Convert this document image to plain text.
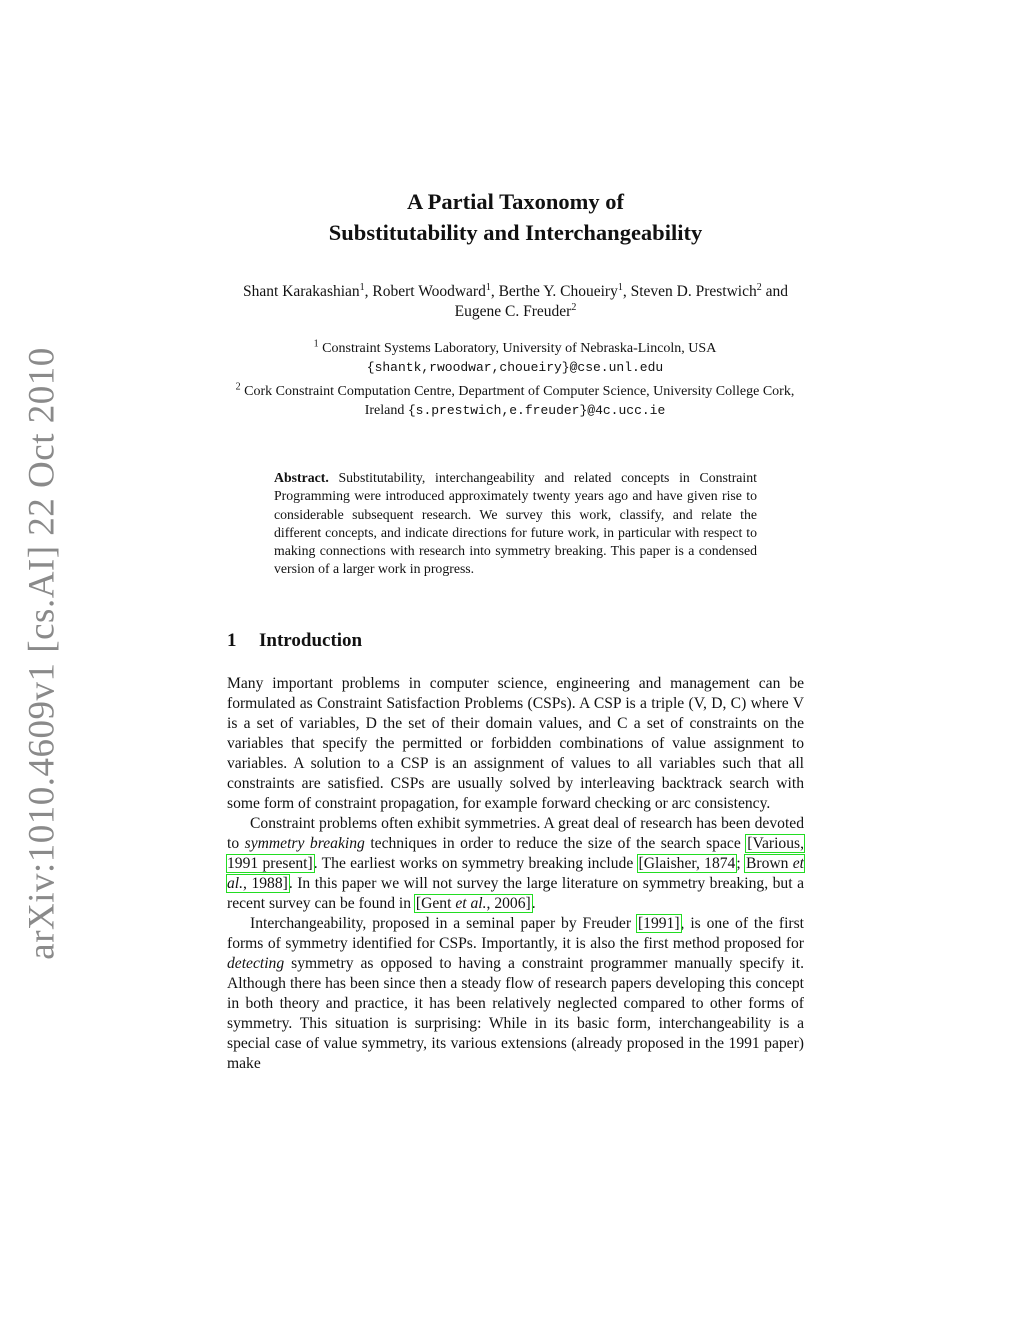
arXiv:1010.4609v1 [cs.AI] 22 Oct 2010
A Partial Taxonomy of
Substitutability and Interchangeability
Shant Karakashian$^1$, Robert Woodward$^1$, Berthe Y. Choueiry$^1$, Steven D. Prestwich$^2$ and Eugene C. Freuder$^2$
$^1$ Constraint Systems Laboratory, University of Nebraska-Lincoln, USA
{shantk,rwoodwar,choueiry}@cse.unl.edu
$^2$ Cork Constraint Computation Centre, Department of Computer Science, University College Cork, Ireland {s.prestwich,e.freuder}@4c.ucc.ie
Abstract. Substitutability, interchangeability and related concepts in Constraint Programming were introduced approximately twenty years ago and have given rise to considerable subsequent research. We survey this work, classify, and relate the different concepts, and indicate directions for future work, in particular with respect to making connections with research into symmetry breaking. This paper is a condensed version of a larger work in progress.
1 Introduction

Many important problems in computer science, engineering and management can be formulated as Constraint Satisfaction Problems (CSPs). A CSP is a triple (V, D, C) where V is a set of variables, D the set of their domain values, and C a set of constraints on the variables that specify the permitted or forbidden combinations of value assignment to variables. A solution to a CSP is an assignment of values to all variables such that all constraints are satisfied. CSPs are usually solved by interleaving backtrack search with some form of constraint propagation, for example forward checking or arc consistency.

Constraint problems often exhibit symmetries. A great deal of research has been devoted to symmetry breaking techniques in order to reduce the size of the search space [Various, 1991 present]. The earliest works on symmetry breaking include [Glaisher, 1874; Brown et al., 1988]. In this paper we will not survey the large literature on symmetry breaking, but a recent survey can be found in [Gent et al., 2006].

Interchangeability, proposed in a seminal paper by Freuder [1991], is one of the first forms of symmetry identified for CSPs. Importantly, it is also the first method proposed for detecting symmetry as opposed to having a constraint programmer manually specify it. Although there has been since then a steady flow of research papers developing this concept in both theory and practice, it has been relatively neglected compared to other forms of symmetry. This situation is surprising: While in its basic form, interchangeability is a special case of value symmetry, its various extensions (already proposed in the 1991 paper) make
